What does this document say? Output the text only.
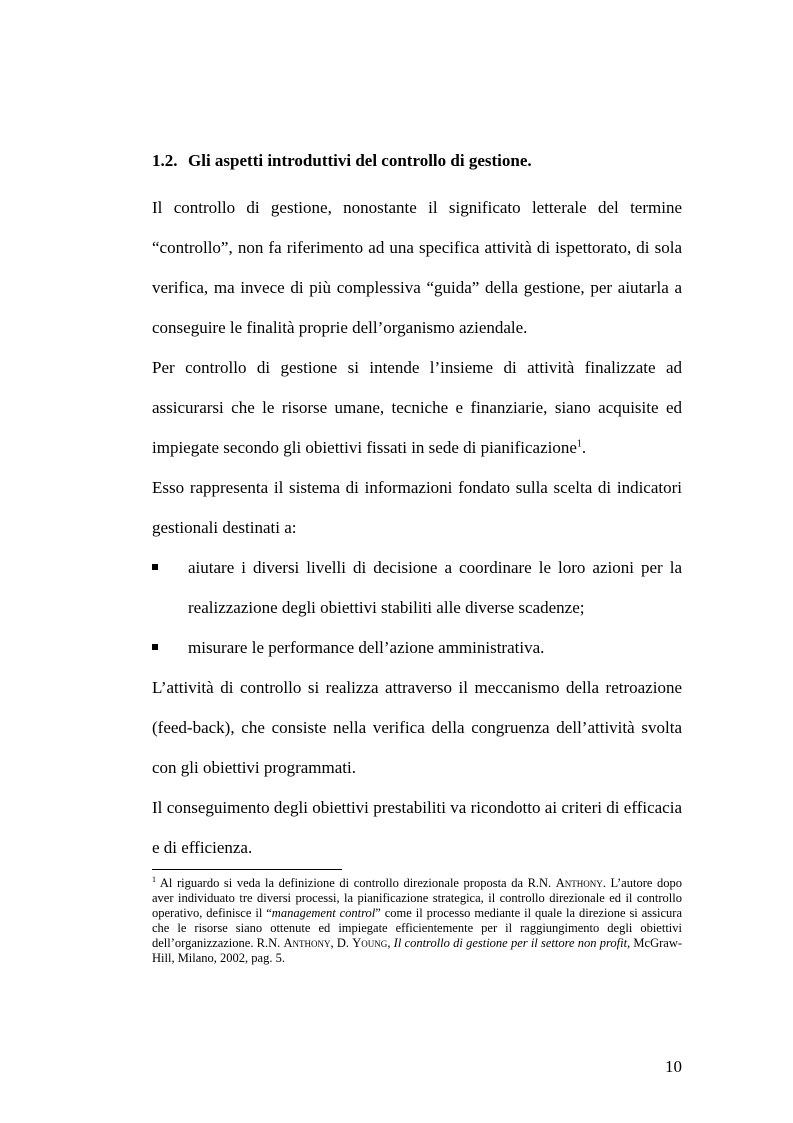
1.2. Gli aspetti introduttivi del controllo di gestione.

Il controllo di gestione, nonostante il significato letterale del termine “controllo”, non fa riferimento ad una specifica attività di ispettorato, di sola verifica, ma invece di più complessiva “guida” della gestione, per aiutarla a conseguire le finalità proprie dell’organismo aziendale.

Per controllo di gestione si intende l’insieme di attività finalizzate ad assicurarsi che le risorse umane, tecniche e finanziarie, siano acquisite ed impiegate secondo gli obiettivi fissati in sede di pianificazione$^1$.

Esso rappresenta il sistema di informazioni fondato sulla scelta di indicatori gestionali destinati a:

aiutare i diversi livelli di decisione a coordinare le loro azioni per la realizzazione degli obiettivi stabiliti alle diverse scadenze;
misurare le performance dell’azione amministrativa.

L’attività di controllo si realizza attraverso il meccanismo della retroazione (feed-back), che consiste nella verifica della congruenza dell’attività svolta con gli obiettivi programmati.

Il conseguimento degli obiettivi prestabiliti va ricondotto ai criteri di efficacia e di efficienza.

$^1$ Al riguardo si veda la definizione di controllo direzionale proposta da R.N. Anthony. L’autore dopo aver individuato tre diversi processi, la pianificazione strategica, il controllo direzionale ed il controllo operativo, definisce il “management control” come il processo mediante il quale la direzione si assicura che le risorse siano ottenute ed impiegate efficientemente per il raggiungimento degli obiettivi dell’organizzazione. R.N. Anthony, D. Young, Il controllo di gestione per il settore non profit, McGraw- Hill, Milano, 2002, pag. 5.
10
